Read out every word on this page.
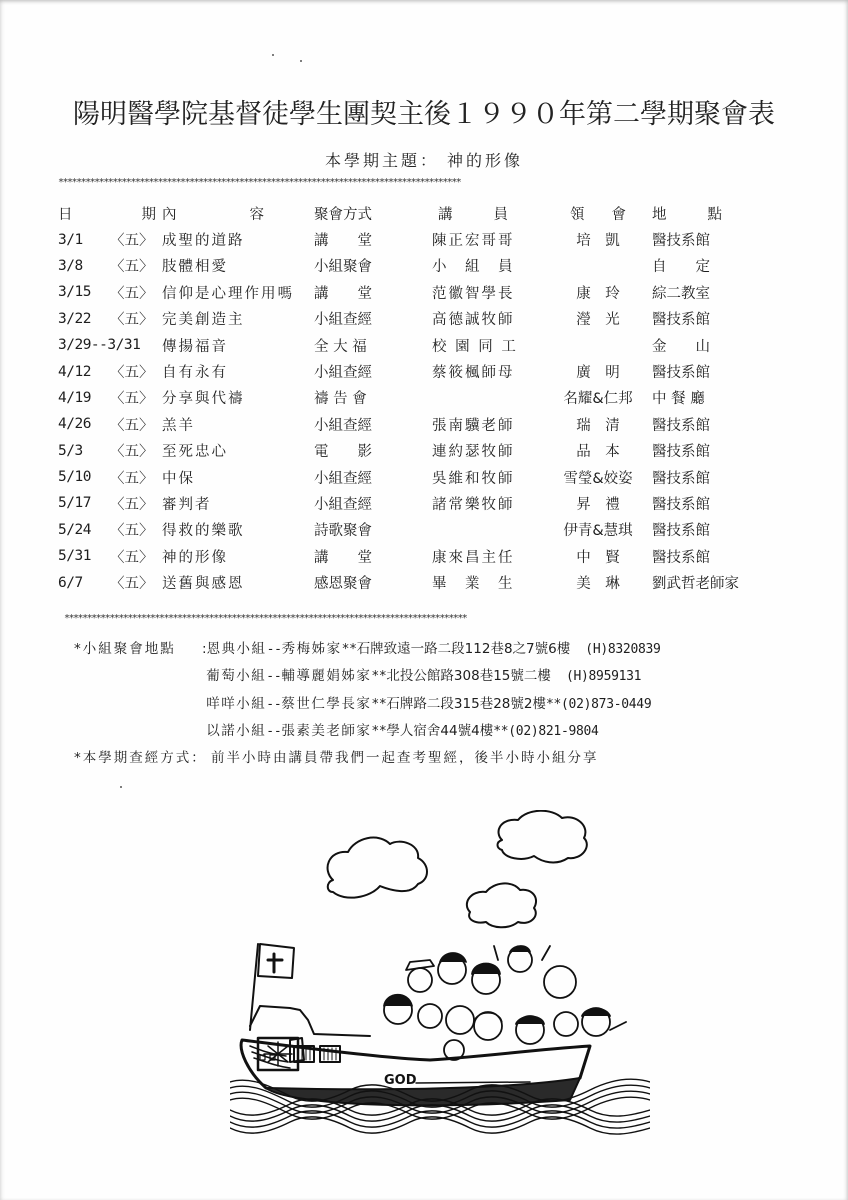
陽明醫學院基督徒學生團契主後１９９０年第二學期聚會表
本學期主題： 神的形像
*****************************************************************************************
日 期		內 容	聚會方式	講 員	領 會	地 點

3/1	〈五〉	成聖的道路	講　　堂	陳正宏哥哥	培　凱	醫技系館
3/8	〈五〉	肢體相愛	小組聚會	小　組　員		自　　定
3/15	〈五〉	信仰是心理作用嗎	講　　堂	范徽智學長	康　玲	綜二教室
3/22	〈五〉	完美創造主	小組查經	高德誠牧師	瀅　光	醫技系館
3/29--3/31		傳揚福音	全 大 福	校 園 同 工		金　　山
4/12	〈五〉	自有永有	小組查經	蔡筱楓師母	廣　明	醫技系館
4/19	〈五〉	分享與代禱	禱 告 會		名耀&仁邦	中 餐 廳
4/26	〈五〉	羔羊	小組查經	張南驥老師	瑞　清	醫技系館
5/3	〈五〉	至死忠心	電　　影	連約瑟牧師	品　本	醫技系館
5/10	〈五〉	中保	小組查經	吳維和牧師	雪瑩&姣姿	醫技系館
5/17	〈五〉	審判者	小組查經	諸常樂牧師	昇　禮	醫技系館
5/24	〈五〉	得救的樂歌	詩歌聚會		伊青&慧琪	醫技系館
5/31	〈五〉	神的形像	講　　堂	康來昌主任	中　賢	醫技系館
6/7	〈五〉	送舊與感恩	感恩聚會	畢　業　生	美　琳	劉武哲老師家
*****************************************************************************************
*小組聚會地點 :恩典小組--秀梅姊家**石牌致遠一路二段112巷8之7號6樓 (H)8320839
葡萄小組--輔導麗娟姊家**北投公館路308巷15號二樓 (H)8959131
咩咩小組--蔡世仁學長家**石牌路二段315巷28號2樓**(02)873-0449
以諾小組--張素美老師家**學人宿舍44號4樓**(02)821-9804
*本學期查經方式： 前半小時由講員帶我們一起查考聖經，後半小時小組分享
GOD
